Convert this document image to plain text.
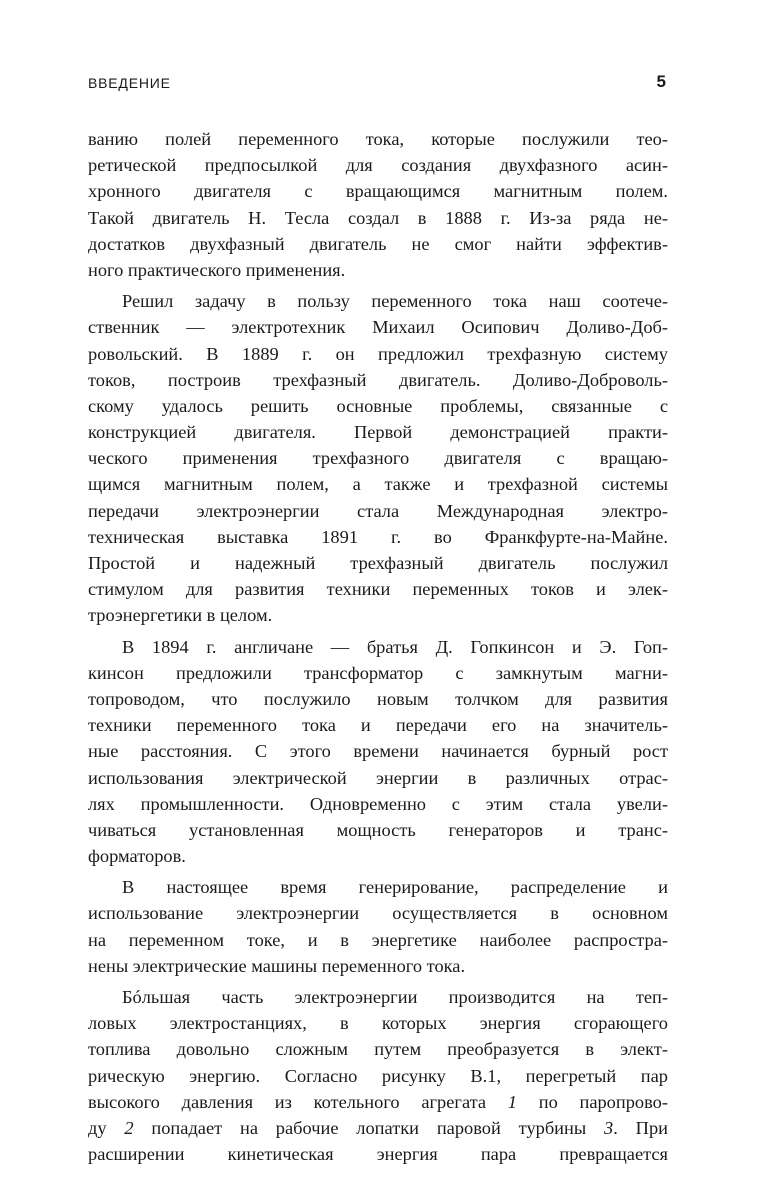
ВВЕДЕНИЕ	5
ванию полей переменного тока, которые послужили тео-
ретической предпосылкой для создания двухфазного асин-
хронного двигателя с вращающимся магнитным полем.
Такой двигатель Н. Тесла создал в 1888 г. Из-за ряда не-
достатков двухфазный двигатель не смог найти эффектив-
ного практического применения.
Решил задачу в пользу переменного тока наш соотече-
ственник — электротехник Михаил Осипович Доливо-Доб-
ровольский. В 1889 г. он предложил трехфазную систему
токов, построив трехфазный двигатель. Доливо-Доброволь-
скому удалось решить основные проблемы, связанные с
конструкцией двигателя. Первой демонстрацией практи-
ческого применения трехфазного двигателя с вращаю-
щимся магнитным полем, а также и трехфазной системы
передачи электроэнергии стала Международная электро-
техническая выставка 1891 г. во Франкфурте-на-Майне.
Простой и надежный трехфазный двигатель послужил
стимулом для развития техники переменных токов и элек-
троэнергетики в целом.
В 1894 г. англичане — братья Д. Гопкинсон и Э. Гоп-
кинсон предложили трансформатор с замкнутым магни-
топроводом, что послужило новым толчком для развития
техники переменного тока и передачи его на значитель-
ные расстояния. С этого времени начинается бурный рост
использования электрической энергии в различных отрас-
лях промышленности. Одновременно с этим стала увели-
чиваться установленная мощность генераторов и транс-
форматоров.
В настоящее время генерирование, распределение и
использование электроэнергии осуществляется в основном
на переменном токе, и в энергетике наиболее распростра-
нены электрические машины переменного тока.
Бóльшая часть электроэнергии производится на теп-
ловых электростанциях, в которых энергия сгорающего
топлива довольно сложным путем преобразуется в элект-
рическую энергию. Согласно рисунку В.1, перегретый пар
высокого давления из котельного агрегата 1 по паропрово-
ду 2 попадает на рабочие лопатки паровой турбины 3. При
расширении кинетическая энергия пара превращается
